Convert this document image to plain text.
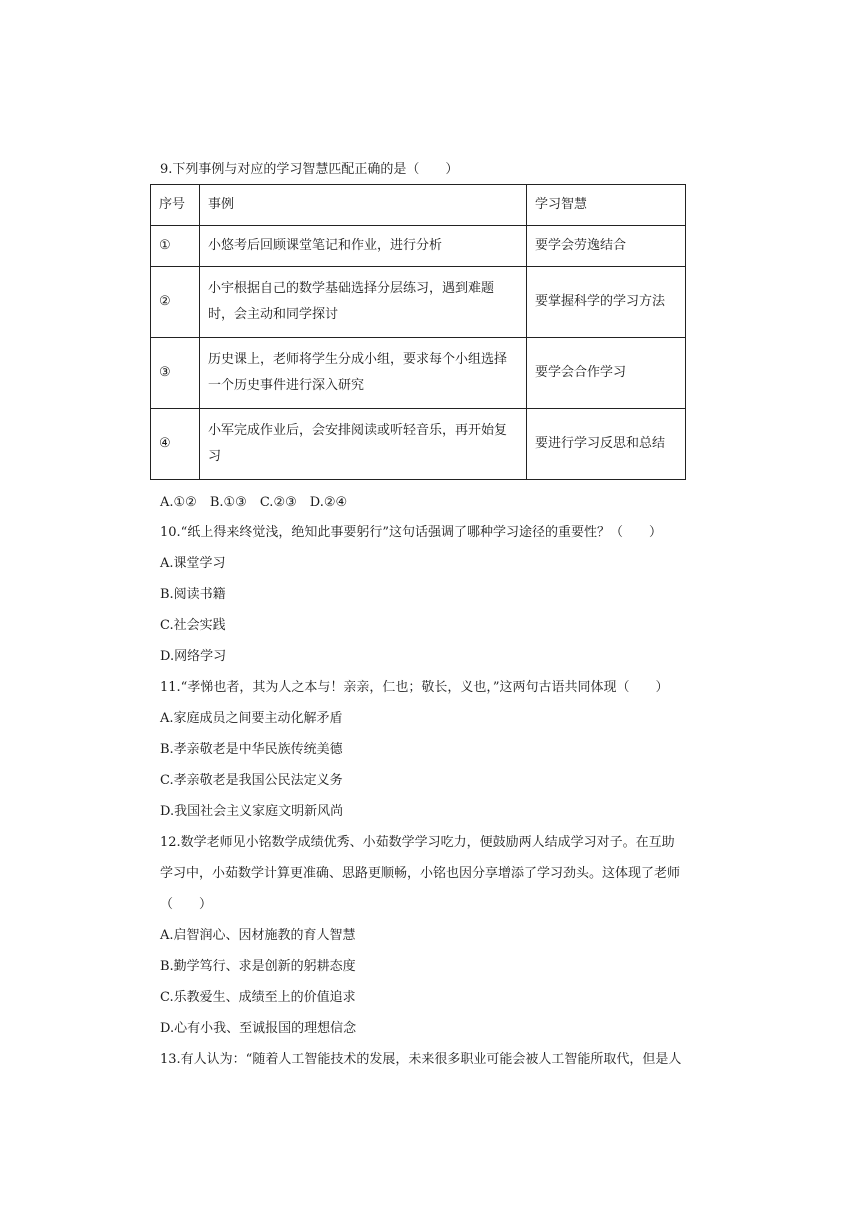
9.下列事例与对应的学习智慧匹配正确的是（　　）
序号	事例	学习智慧
①	小悠考后回顾课堂笔记和作业，进行分析	要学会劳逸结合
②	小宇根据自己的数学基础选择分层练习，遇到难题时，会主动和同学探讨	要掌握科学的学习方法
③	历史课上，老师将学生分成小组，要求每个小组选择一个历史事件进行深入研究	要学会合作学习
④	小军完成作业后，会安排阅读或听轻音乐，再开始复习	要进行学习反思和总结
A.①②　B.①③　C.②③　D.②④
10.“纸上得来终觉浅，绝知此事要躬行”这句话强调了哪种学习途径的重要性？（　　）
A.课堂学习
B.阅读书籍
C.社会实践
D.网络学习
11.“孝悌也者，其为人之本与！亲亲，仁也；敬长，义也，”这两句古语共同体现（　　）
A.家庭成员之间要主动化解矛盾
B.孝亲敬老是中华民族传统美德
C.孝亲敬老是我国公民法定义务
D.我国社会主义家庭文明新风尚
12.数学老师见小铭数学成绩优秀、小茹数学学习吃力，便鼓励两人结成学习对子。在互助
学习中，小茹数学计算更准确、思路更顺畅，小铭也因分享增添了学习劲头。这体现了老师
（　　）
A.启智润心、因材施教的育人智慧
B.勤学笃行、求是创新的躬耕态度
C.乐教爱生、成绩至上的价值追求
D.心有小我、至诚报国的理想信念
13.有人认为：“随着人工智能技术的发展，未来很多职业可能会被人工智能所取代，但是人
